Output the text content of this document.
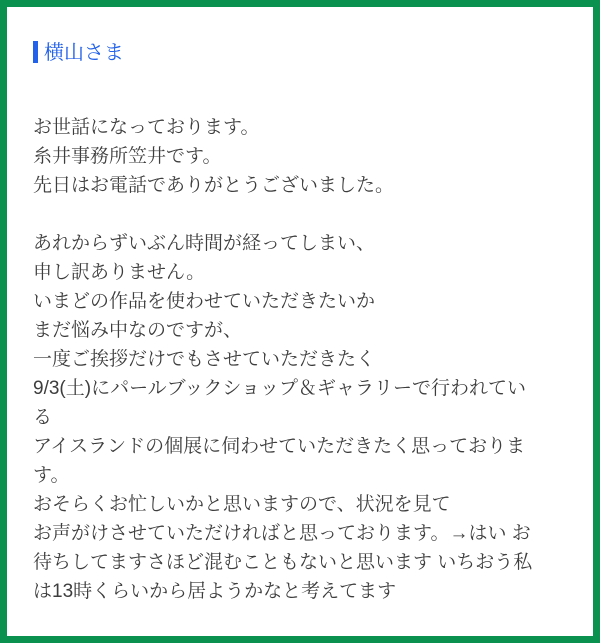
横山さま
お世話になっております。
糸井事務所笠井です。
先日はお電話でありがとうございました。
あれからずいぶん時間が経ってしまい、
申し訳ありません。
いまどの作品を使わせていただきたいか
まだ悩み中なのですが、
一度ご挨拶だけでもさせていただきたく
9/3(土)にパールブックショップ＆ギャラリーで行われてい
る
アイスランドの個展に伺わせていただきたく思っておりま
す。
おそらくお忙しいかと思いますので、状況を見て
お声がけさせていただければと思っております。→はい お
待ちしてますさほど混むこともないと思います いちおう私
は13時くらいから居ようかなと考えてます
